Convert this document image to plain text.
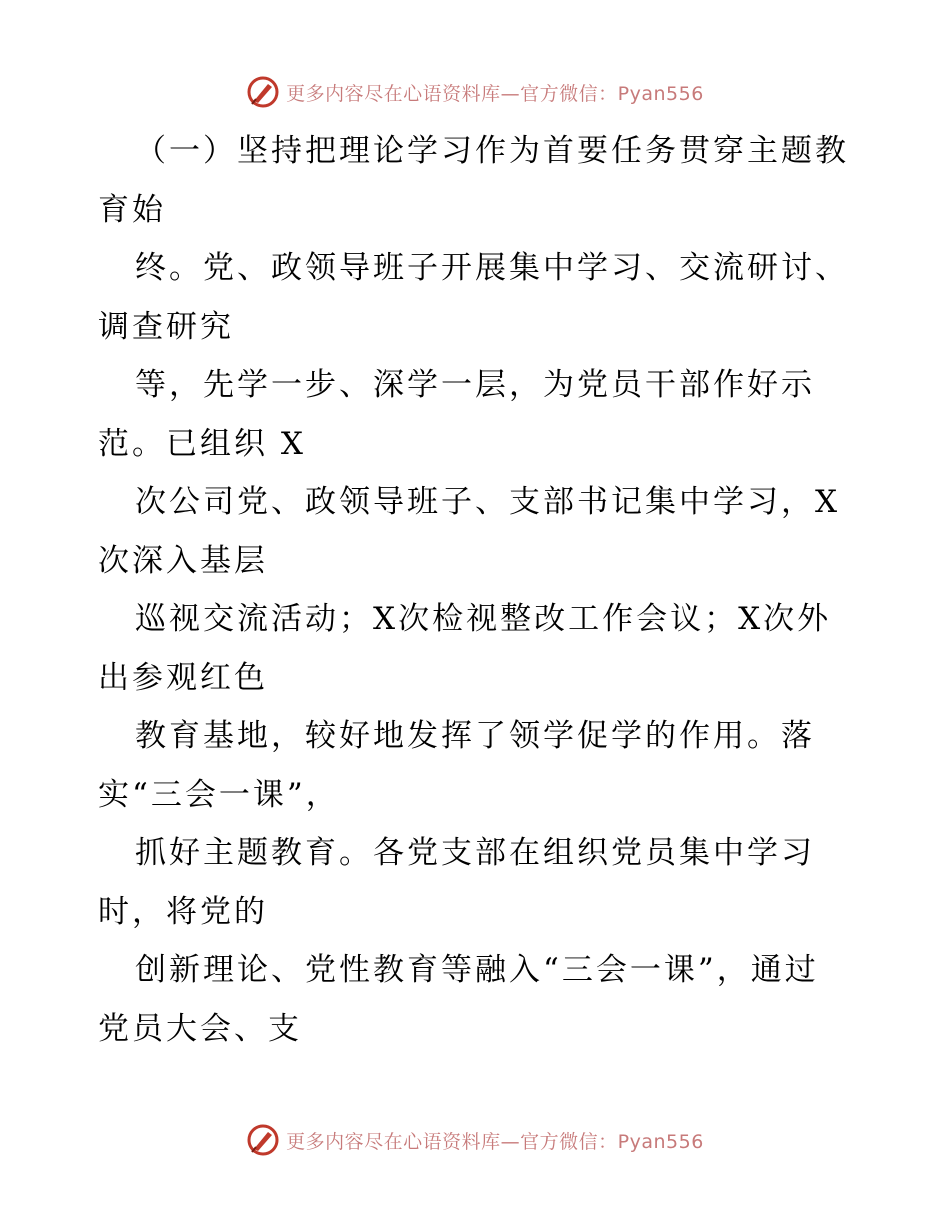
更多内容尽在心语资料库—官方微信：Pyan556
（一）坚持把理论学习作为首要任务贯穿主题教
育始
终。党、政领导班子开展集中学习、交流研讨、
调查研究
等，先学一步、深学一层，为党员干部作好示
范。已组织 X
次公司党、政领导班子、支部书记集中学习，X
次深入基层
巡视交流活动；X次检视整改工作会议；X次外
出参观红色
教育基地，较好地发挥了领学促学的作用。落
实“三会一课”，
抓好主题教育。各党支部在组织党员集中学习
时，将党的
创新理论、党性教育等融入“三会一课”，通过
党员大会、支
更多内容尽在心语资料库—官方微信：Pyan556
